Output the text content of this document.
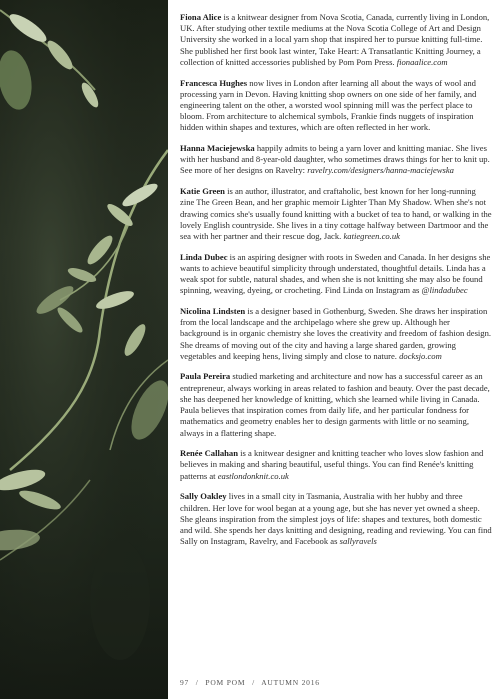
Fiona Alice is a knitwear designer from Nova Scotia, Canada, currently living in London, UK. After studying other textile mediums at the Nova Scotia College of Art and Design University she worked in a local yarn shop that inspired her to pursue knitting full-time. She published her first book last winter, Take Heart: A Transatlantic Knitting Journey, a collection of knitted accessories published by Pom Pom Press. fionaalice.com

Francesca Hughes now lives in London after learning all about the ways of wool and processing yarn in Devon. Having knitting shop owners on one side of her family, and engineering talent on the other, a worsted wool spinning mill was the perfect place to bloom. From architecture to alchemical symbols, Frankie finds nuggets of inspiration hidden within shapes and textures, which are often reflected in her work.

Hanna Maciejewska happily admits to being a yarn lover and knitting maniac. She lives with her husband and 8-year-old daughter, who sometimes draws things for her to knit up. See more of her designs on Ravelry: ravelry.com/designers/hanna-maciejewska

Katie Green is an author, illustrator, and craftaholic, best known for her long-running zine The Green Bean, and her graphic memoir Lighter Than My Shadow. When she's not drawing comics she's usually found knitting with a bucket of tea to hand, or walking in the lovely English countryside. She lives in a tiny cottage halfway between Dartmoor and the sea with her partner and their rescue dog, Jack. katiegreen.co.uk

Linda Dubec is an aspiring designer with roots in Sweden and Canada. In her designs she wants to achieve beautiful simplicity through understated, thoughtful details. Linda has a weak spot for subtle, natural shades, and when she is not knitting she may also be found spinning, weaving, dyeing, or crocheting. Find Linda on Instagram as @lindadubec

Nicolina Lindsten is a designer based in Gothenburg, Sweden. She draws her inspiration from the local landscape and the archipelago where she grew up. Although her background is in organic chemistry she loves the creativity and freedom of fashion design. She dreams of moving out of the city and having a large shared garden, growing vegetables and keeping hens, living simply and close to nature. docksjo.com

Paula Pereira studied marketing and architecture and now has a successful career as an entrepreneur, always working in areas related to fashion and beauty. Over the past decade, she has deepened her knowledge of knitting, which she learned while living in Canada. Paula believes that inspiration comes from daily life, and her particular fondness for mathematics and geometry enables her to design garments with little or no seaming, always in a flattering shape.

Renée Callahan is a knitwear designer and knitting teacher who loves slow fashion and believes in making and sharing beautiful, useful things. You can find Renée's knitting patterns at eastlondonknit.co.uk

Sally Oakley lives in a small city in Tasmania, Australia with her hubby and three children. Her love for wool began at a young age, but she has never yet owned a sheep. She gleans inspiration from the simplest joys of life: shapes and textures, both domestic and wild. She spends her days knitting and designing, reading and reviewing. You can find Sally on Instagram, Ravelry, and Facebook as sallyravels

97 / POM POM / AUTUMN 2016
